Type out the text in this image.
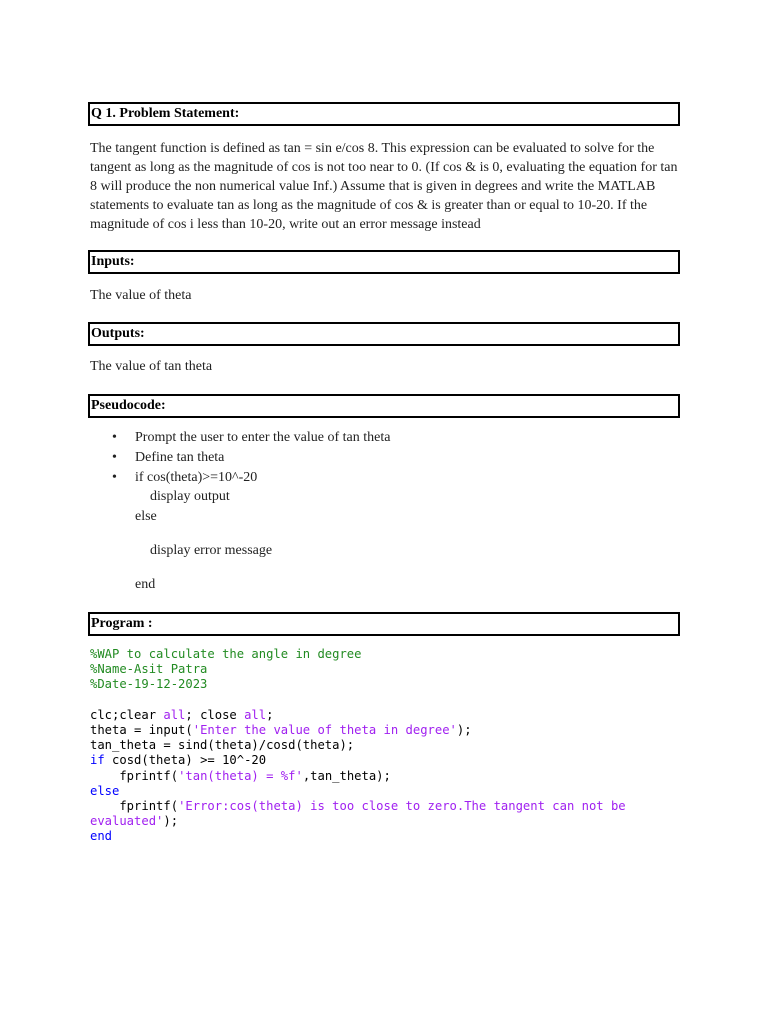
Q 1. Problem Statement:
The tangent function is defined as tan = sin e/cos 8. This expression can be evaluated to solve for the tangent as long as the magnitude of cos is not too near to 0. (If cos & is 0, evaluating the equation for tan 8 will produce the non numerical value Inf.) Assume that is given in degrees and write the MATLAB statements to evaluate tan as long as the magnitude of cos & is greater than or equal to 10-20. If the magnitude of cos i less than 10-20, write out an error message instead
Inputs:
The value of theta
Outputs:
The value of tan theta
Pseudocode:
• Prompt the user to enter the value of tan theta
• Define tan theta
• if cos(theta)>=10^-20
display output
else
display error message
end
Program :
%WAP to calculate the angle in degree
%Name-Asit Patra
%Date-19-12-2023

clc;clear all; close all;
theta = input('Enter the value of theta in degree');
tan_theta = sind(theta)/cosd(theta);
if cosd(theta) >= 10^-20
fprintf('tan(theta) = %f',tan_theta);
else
fprintf('Error:cos(theta) is too close to zero.The tangent can not be
evaluated');
end
